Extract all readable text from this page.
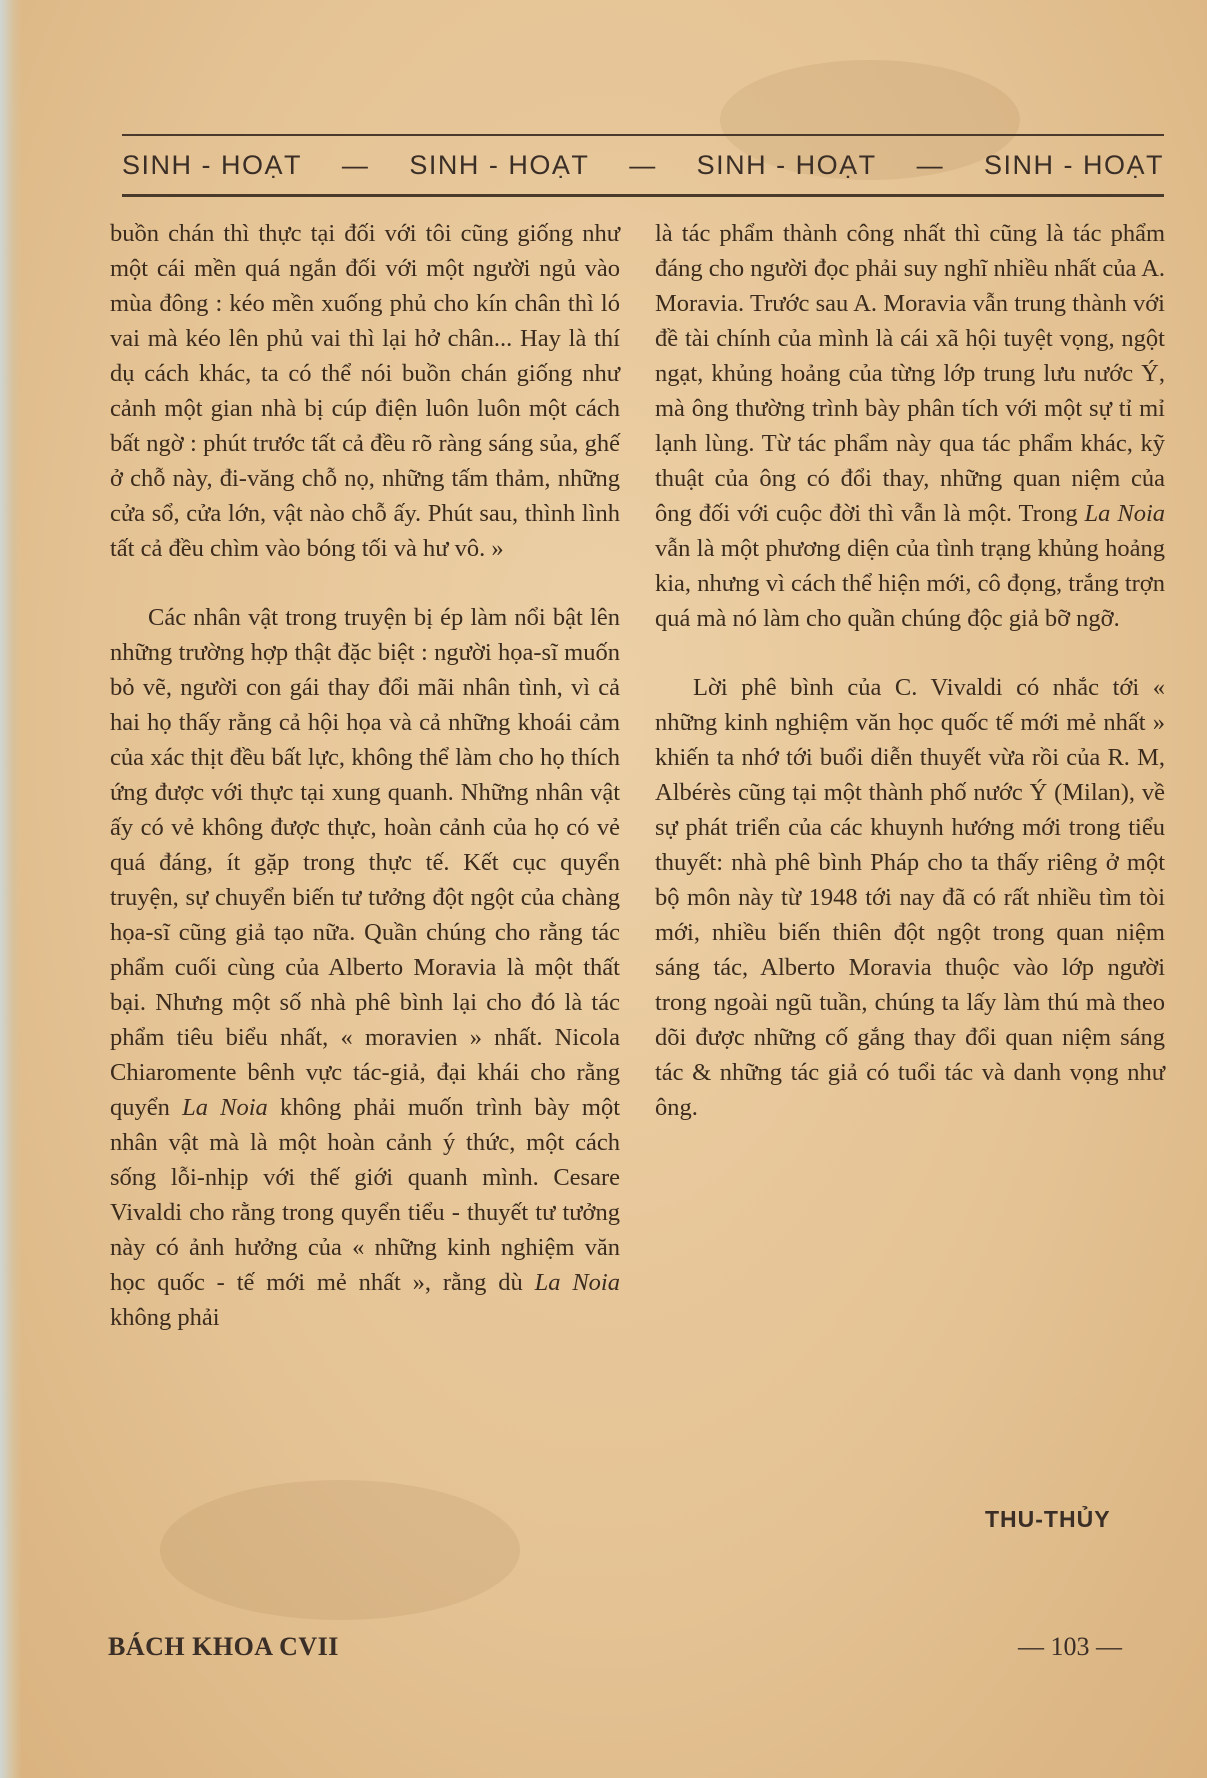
SINH - HOẠT — SINH - HOẠT — SINH - HOẠT — SINH - HOẠT

buồn chán thì thực tại đối với tôi cũng giống như một cái mền quá ngắn đối với một người ngủ vào mùa đông : kéo mền xuống phủ cho kín chân thì ló vai mà kéo lên phủ vai thì lại hở chân... Hay là thí dụ cách khác, ta có thể nói buồn chán giống như cảnh một gian nhà bị cúp điện luôn luôn một cách bất ngờ : phút trước tất cả đều rõ ràng sáng sủa, ghế ở chỗ này, đi-văng chỗ nọ, những tấm thảm, những cửa sổ, cửa lớn, vật nào chỗ ấy. Phút sau, thình lình tất cả đều chìm vào bóng tối và hư vô. »

Các nhân vật trong truyện bị ép làm nổi bật lên những trường hợp thật đặc biệt : người họa-sĩ muốn bỏ vẽ, người con gái thay đổi mãi nhân tình, vì cả hai họ thấy rằng cả hội họa và cả những khoái cảm của xác thịt đều bất lực, không thể làm cho họ thích ứng được với thực tại xung quanh. Những nhân vật ấy có vẻ không được thực, hoàn cảnh của họ có vẻ quá đáng, ít gặp trong thực tế. Kết cục quyển truyện, sự chuyển biến tư tưởng đột ngột của chàng họa-sĩ cũng giả tạo nữa. Quần chúng cho rằng tác phẩm cuối cùng của Alberto Moravia là một thất bại. Nhưng một số nhà phê bình lại cho đó là tác phẩm tiêu biểu nhất, « moravien » nhất. Nicola Chiaromente bênh vực tác-giả, đại khái cho rằng quyển La Noia không phải muốn trình bày một nhân vật mà là một hoàn cảnh ý thức, một cách sống lỗi-nhịp với thế giới quanh mình. Cesare Vivaldi cho rằng trong quyển tiểu - thuyết tư tưởng này có ảnh hưởng của « những kinh nghiệm văn học quốc - tế mới mẻ nhất », rằng dù La Noia không phải

là tác phẩm thành công nhất thì cũng là tác phẩm đáng cho người đọc phải suy nghĩ nhiều nhất của A. Moravia. Trước sau A. Moravia vẫn trung thành với đề tài chính của mình là cái xã hội tuyệt vọng, ngột ngạt, khủng hoảng của từng lớp trung lưu nước Ý, mà ông thường trình bày phân tích với một sự tỉ mỉ lạnh lùng. Từ tác phẩm này qua tác phẩm khác, kỹ thuật của ông có đổi thay, những quan niệm của ông đối với cuộc đời thì vẫn là một. Trong La Noia vẫn là một phương diện của tình trạng khủng hoảng kia, nhưng vì cách thể hiện mới, cô đọng, trắng trợn quá mà nó làm cho quần chúng độc giả bỡ ngỡ.

Lời phê bình của C. Vivaldi có nhắc tới « những kinh nghiệm văn học quốc tế mới mẻ nhất » khiến ta nhớ tới buổi diễn thuyết vừa rồi của R. M, Albérès cũng tại một thành phố nước Ý (Milan), về sự phát triển của các khuynh hướng mới trong tiểu thuyết: nhà phê bình Pháp cho ta thấy riêng ở một bộ môn này từ 1948 tới nay đã có rất nhiều tìm tòi mới, nhiều biến thiên đột ngột trong quan niệm sáng tác, Alberto Moravia thuộc vào lớp người trong ngoài ngũ tuần, chúng ta lấy làm thú mà theo dõi được những cố gắng thay đổi quan niệm sáng tác & những tác giả có tuổi tác và danh vọng như ông.

THU-THỦY
BÁCH KHOA CVII	— 103 —
